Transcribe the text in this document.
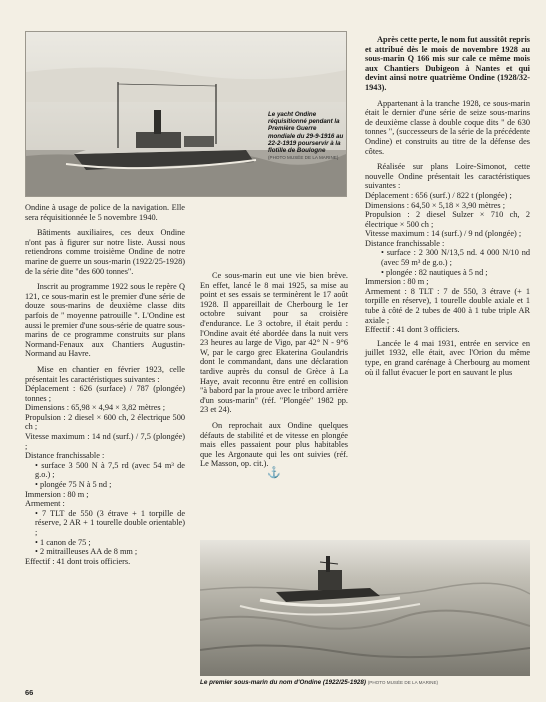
Le yacht Ondine réquisitionné pendant la Première Guerre mondiale du 29-9-1916 au 22-2-1919 pourservir à la flotille de Boulogne
(PHOTO MUSÉE DE LA MARINE)

Ondine à usage de police de la navigation. Elle sera réquisitionnée le 5 novembre 1940.

Bâtiments auxiliaires, ces deux Ondine n'ont pas à figurer sur notre liste. Aussi nous retiendrons comme troisième Ondine de notre marine de guerre un sous-marin (1922/25-1928) de la série dite "des 600 tonnes".

Inscrit au programme 1922 sous le repère Q 121, ce sous-marin est le premier d'une série de douze sous-marins de deuxième classe dits parfois de " moyenne patrouille ". L'Ondine est aussi le premier d'une sous-série de quatre sous-marins de ce programme construits sur plans Normand-Fenaux aux Chantiers Augustin-Normand au Havre.

Mise en chantier en février 1923, celle présentait les caractéristiques suivantes :

Déplacement : 626 (surface) / 787 (plongée) tonnes ;
Dimensions : 65,98 × 4,94 × 3,82 mètres ;
Propulsion : 2 diesel × 600 ch, 2 électrique 500 ch ;
Vitesse maximum : 14 nd (surf.) / 7,5 (plongée) ;
Distance franchissable :
• surface 3 500 N à 7,5 rd (avec 54 m³ de g.o.) ;
• plongée 75 N à 5 nd ;
Immersion : 80 m ;
Armement :
• 7 TLT de 550 (3 étrave + 1 torpille de réserve, 2 AR + 1 tourelle double orientable) ;
• 1 canon de 75 ;
• 2 mitrailleuses AA de 8 mm ;
Effectif : 41 dont trois officiers.

Ce sous-marin eut une vie bien brève. En effet, lancé le 8 mai 1925, sa mise au point et ses essais se terminèrent le 17 août 1928. Il appareillait de Cherbourg le 1er octobre suivant pour sa croisière d'endurance. Le 3 octobre, il était perdu : l'Ondine avait été abordée dans la nuit vers 23 heures au large de Vigo, par 42° N - 9°6 W, par le cargo grec Ekaterina Goulandris dont le commandant, dans une déclaration tardive auprès du consul de Grèce à La Haye, avait reconnu être entré en collision "à babord par la proue avec le tribord arrière d'un sous-marin" (réf. "Plongée" 1982 pp. 23 et 24).

On reprochait aux Ondine quelques défauts de stabilité et de vitesse en plongée mais elles passaient pour plus habitables que les Argonaute qui les ont suivies (réf. Le Masson, op. cit.).

⚓

Après cette perte, le nom fut aussitôt repris et attribué dès le mois de novembre 1928 au sous-marin Q 166 mis sur cale ce même mois aux Chantiers Dubigeon à Nantes et qui devint ainsi notre quatrième Ondine (1928/32-1943).

Appartenant à la tranche 1928, ce sous-marin était le dernier d'une série de seize sous-marins de deuxième classe à double coque dits " de 630 tonnes ", (successeurs de la série de la précédente Ondine) et construits au titre de la défense des côtes.

Réalisée sur plans Loire-Simonot, cette nouvelle Ondine présentait les caractéristiques suivantes :

Déplacement : 656 (surf.) / 822 t (plongée) ;
Dimensions : 64,50 × 5,18 × 3,90 mètres ;
Propulsion : 2 diesel Sulzer × 710 ch, 2 électrique × 500 ch ;
Vitesse maximum : 14 (surf.) / 9 nd (plongée) ;
Distance franchissable :
• surface : 2 300 N/13,5 nd. 4 000 N/10 nd (avec 59 m³ de g.o.) ;
• plongée : 82 nautiques à 5 nd ;
Immersion : 80 m ;
Armement : 8 TLT : 7 de 550, 3 étrave (+ 1 torpille en réserve), 1 tourelle double axiale et 1 tube à côté de 2 tubes de 400 à 1 tube triple AR axiale ;
Effectif : 41 dont 3 officiers.

Lancée le 4 mai 1931, entrée en service en juillet 1932, elle était, avec l'Orion du même type, en grand carénage à Cherbourg au moment où il fallut évacuer le port en sauvant le plus

Le premier sous-marin du nom d'Ondine (1922/25-1928) (PHOTO MUSÉE DE LA MARINE)
66
